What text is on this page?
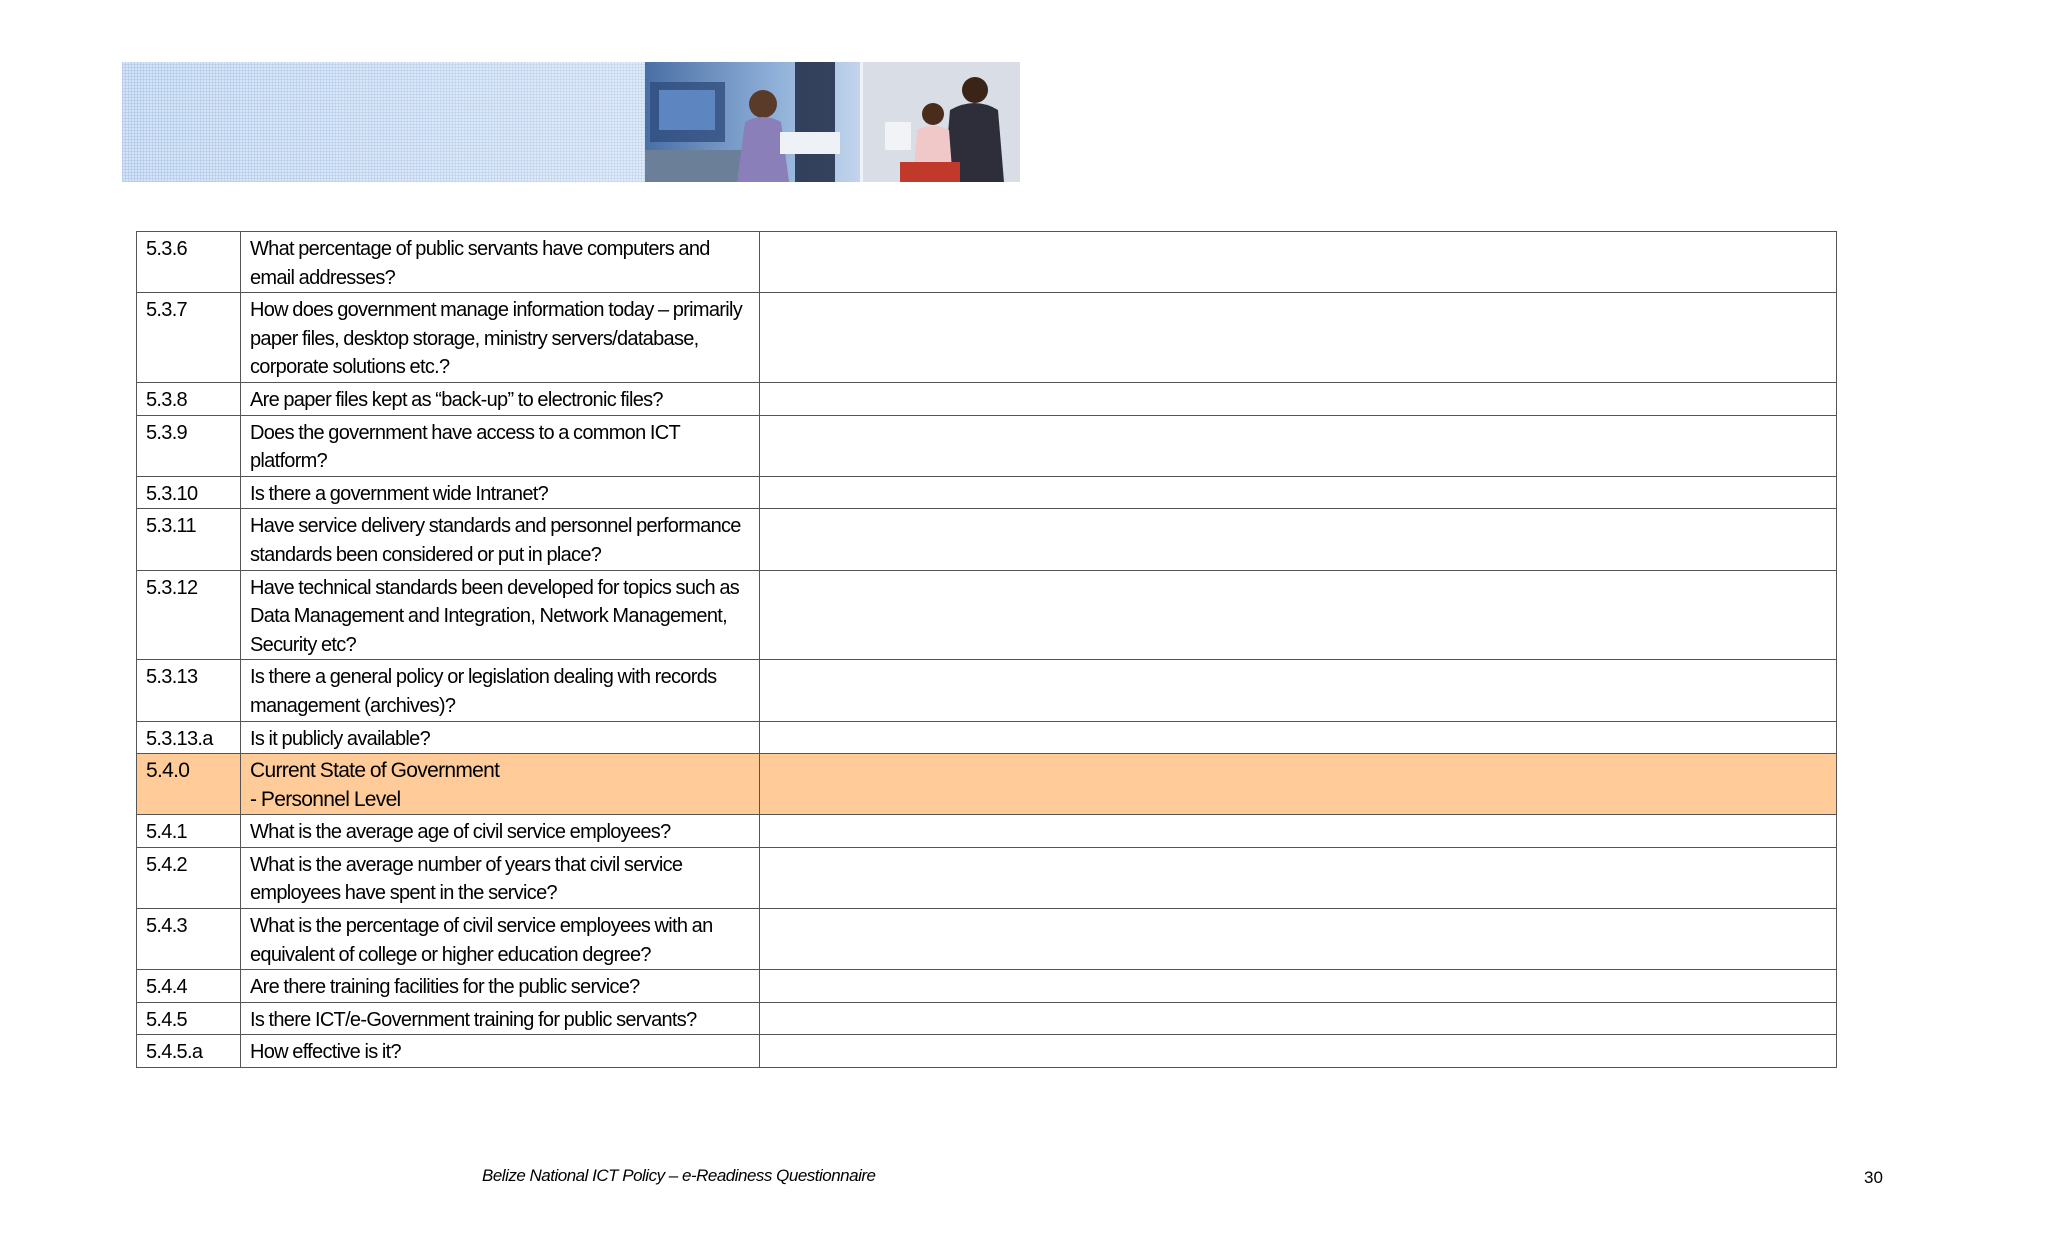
5.3.6	What percentage of public servants have computers and email addresses?	
5.3.7	How does government manage information today – primarily paper files, desktop storage, ministry servers/database, corporate solutions etc.?	
5.3.8	Are paper files kept as “back-up” to electronic files?	
5.3.9	Does the government have access to a common ICT platform?	
5.3.10	Is there a government wide Intranet?	
5.3.11	Have service delivery standards and personnel performance standards been considered or put in place?	
5.3.12	Have technical standards been developed for topics such as Data Management and Integration, Network Management, Security etc?	
5.3.13	Is there a general policy or legislation dealing with records management (archives)?	
5.3.13.a	Is it publicly available?	
5.4.0	Current State of Government
- Personnel Level	
5.4.1	What is the average age of civil service employees?	
5.4.2	What is the average number of years that civil service employees have spent in the service?	
5.4.3	What is the percentage of civil service employees with an equivalent of college or higher education degree?	
5.4.4	Are there training facilities for the public service?	
5.4.5	Is there ICT/e-Government training for public servants?	
5.4.5.a	How effective is it?	
Belize National ICT Policy – e-Readiness Questionnaire	30
